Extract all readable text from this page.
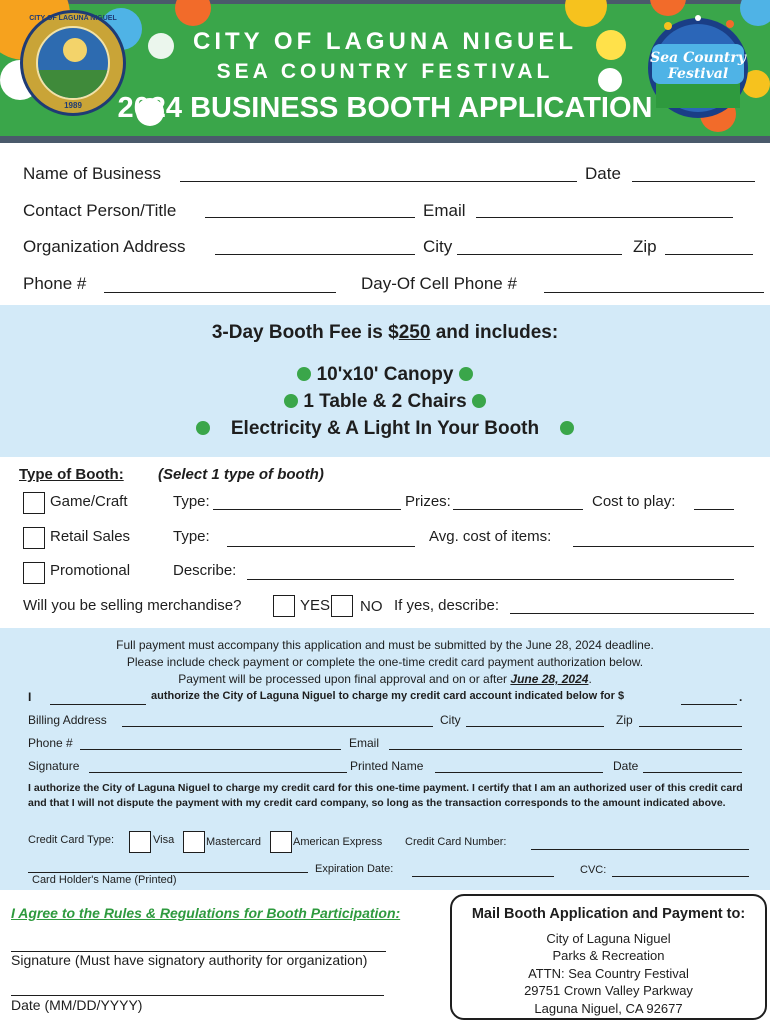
CITY OF LAGUNA NIGUEL
SEA COUNTRY FESTIVAL
2024 BUSINESS BOOTH APPLICATION
CITY OF LAGUNA NIGUEL
1989
Sea Country
Festival
Name of Business	Date
Contact Person/Title	Email
Organization Address	City	Zip
Phone #	Day-Of Cell Phone #
3-Day Booth Fee is $250 and includes:
10'x10' Canopy
1 Table & 2 Chairs
Electricity & A Light In Your Booth
Type of Booth: (Select 1 type of booth)
Game/Craft	Type:	Prizes:	Cost to play:
Retail Sales	Type:	Avg. cost of items:
Promotional	Describe:
Will you be selling merchandise?	YES NO If yes, describe:
Full payment must accompany this application and must be submitted by the June 28, 2024 deadline.
Please include check payment or complete the one-time credit card payment authorization below.
Payment will be processed upon final approval and on or after June 28, 2024.
I	authorize the City of Laguna Niguel to charge my credit card account indicated below for $	.
Billing Address	City	Zip
Phone #	Email
Signature	Printed Name	Date
I authorize the City of Laguna Niguel to charge my credit card for this one-time payment. I certify that I am an authorized user of this credit card and that I will not dispute the payment with my credit card company, so long as the transaction corresponds to the amount indicated above.
Credit Card Type:	Visa	Mastercard	American Express Credit Card Number:
Expiration Date:	CVC:
Card Holder's Name (Printed)
I Agree to the Rules & Regulations for Booth Participation:
Signature (Must have signatory authority for organization)
Date (MM/DD/YYYY)
Mail Booth Application and Payment to:
City of Laguna Niguel
Parks & Recreation
ATTN: Sea Country Festival
29751 Crown Valley Parkway
Laguna Niguel, CA 92677
